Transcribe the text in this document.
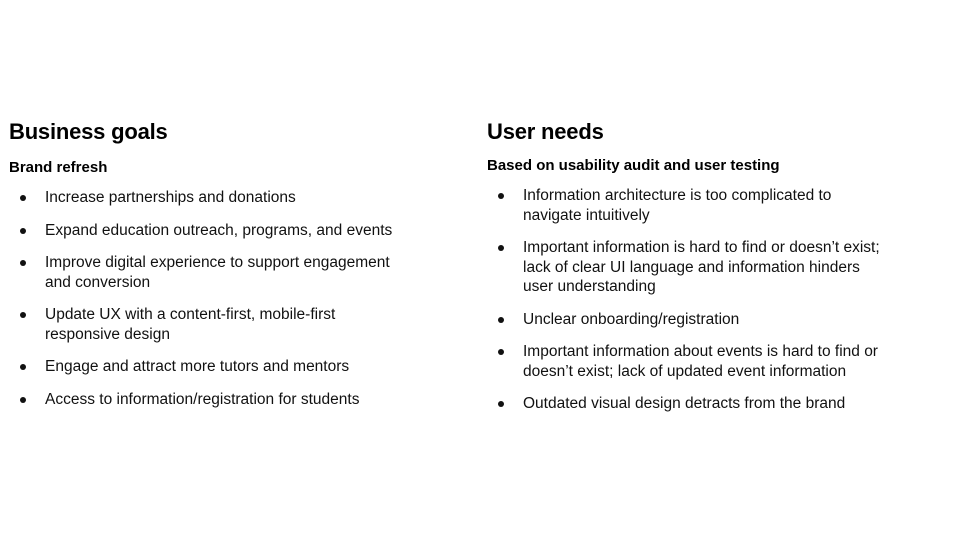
Business goals
Brand refresh
Increase partnerships and donations
Expand education outreach, programs, and events
Improve digital experience to support engagement and conversion
Update UX with a content-first, mobile-first responsive design
Engage and attract more tutors and mentors
Access to information/registration for students
User needs
Based on usability audit and user testing
Information architecture is too complicated to navigate intuitively
Important information is hard to find or doesn’t exist; lack of clear UI language and information hinders user understanding
Unclear onboarding/registration
Important information about events is hard to find or doesn’t exist; lack of updated event information
Outdated visual design detracts from the brand
